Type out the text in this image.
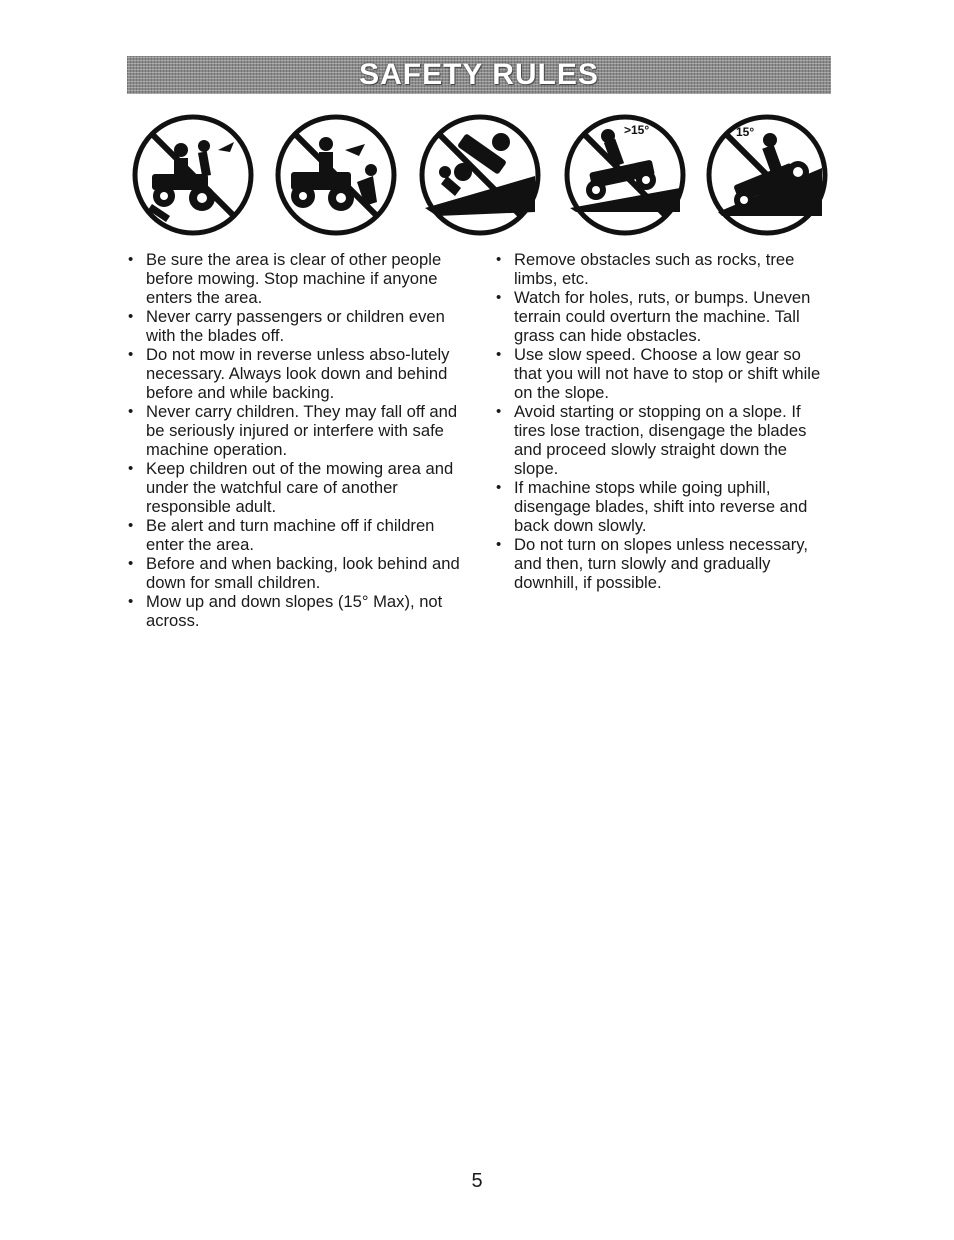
SAFETY RULES
>15°	15°
• Be sure the area is clear of other people before mowing. Stop machine if anyone enters the area.
• Never carry passengers or children even with the blades off.
• Do not mow in reverse unless abso-lutely necessary. Always look down and behind before and while backing.
• Never carry children. They may fall off and be seriously injured or interfere with safe machine operation.
• Keep children out of the mowing area and under the watchful care of another responsible adult.
• Be alert and turn machine off if children enter the area.
• Before and when backing, look behind and down for small children.
• Mow up and down slopes (15° Max), not across.
• Remove obstacles such as rocks, tree limbs, etc.
• Watch for holes, ruts, or bumps. Uneven terrain could overturn the machine. Tall grass can hide obstacles.
• Use slow speed. Choose a low gear so that you will not have to stop or shift while on the slope.
• Avoid starting or stopping on a slope. If tires lose traction, disengage the blades and proceed slowly straight down the slope.
• If machine stops while going uphill, disengage blades, shift into reverse and back down slowly.
• Do not turn on slopes unless necessary, and then, turn slowly and gradually downhill, if possible.
5
